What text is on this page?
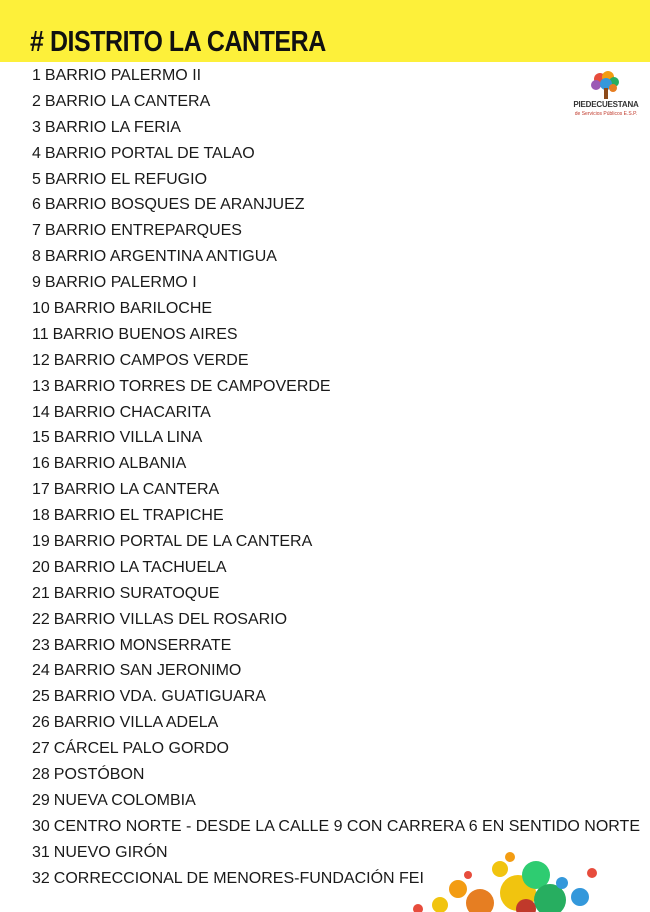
# DISTRITO LA CANTERA
PIEDECUESTANA
de Servicios Públicos E.S.P.
1 BARRIO PALERMO II
2 BARRIO LA CANTERA
3 BARRIO LA FERIA
4 BARRIO PORTAL DE TALAO
5 BARRIO EL REFUGIO
6 BARRIO BOSQUES DE ARANJUEZ
7 BARRIO ENTREPARQUES
8 BARRIO ARGENTINA ANTIGUA
9 BARRIO PALERMO I
10 BARRIO BARILOCHE
11 BARRIO BUENOS AIRES
12 BARRIO CAMPOS VERDE
13 BARRIO TORRES DE CAMPOVERDE
14 BARRIO CHACARITA
15 BARRIO VILLA LINA
16 BARRIO ALBANIA
17 BARRIO LA CANTERA
18 BARRIO EL TRAPICHE
19 BARRIO PORTAL DE LA CANTERA
20 BARRIO LA TACHUELA
21 BARRIO SURATOQUE
22 BARRIO VILLAS DEL ROSARIO
23 BARRIO MONSERRATE
24 BARRIO SAN JERONIMO
25 BARRIO VDA. GUATIGUARA
26 BARRIO VILLA ADELA
27 CÁRCEL PALO GORDO
28 POSTÓBON
29 NUEVA COLOMBIA
30 CENTRO NORTE - DESDE LA CALLE 9 CON CARRERA 6 EN SENTIDO NORTE
31 NUEVO GIRÓN
32 CORRECCIONAL DE MENORES-FUNDACIÓN FEI
